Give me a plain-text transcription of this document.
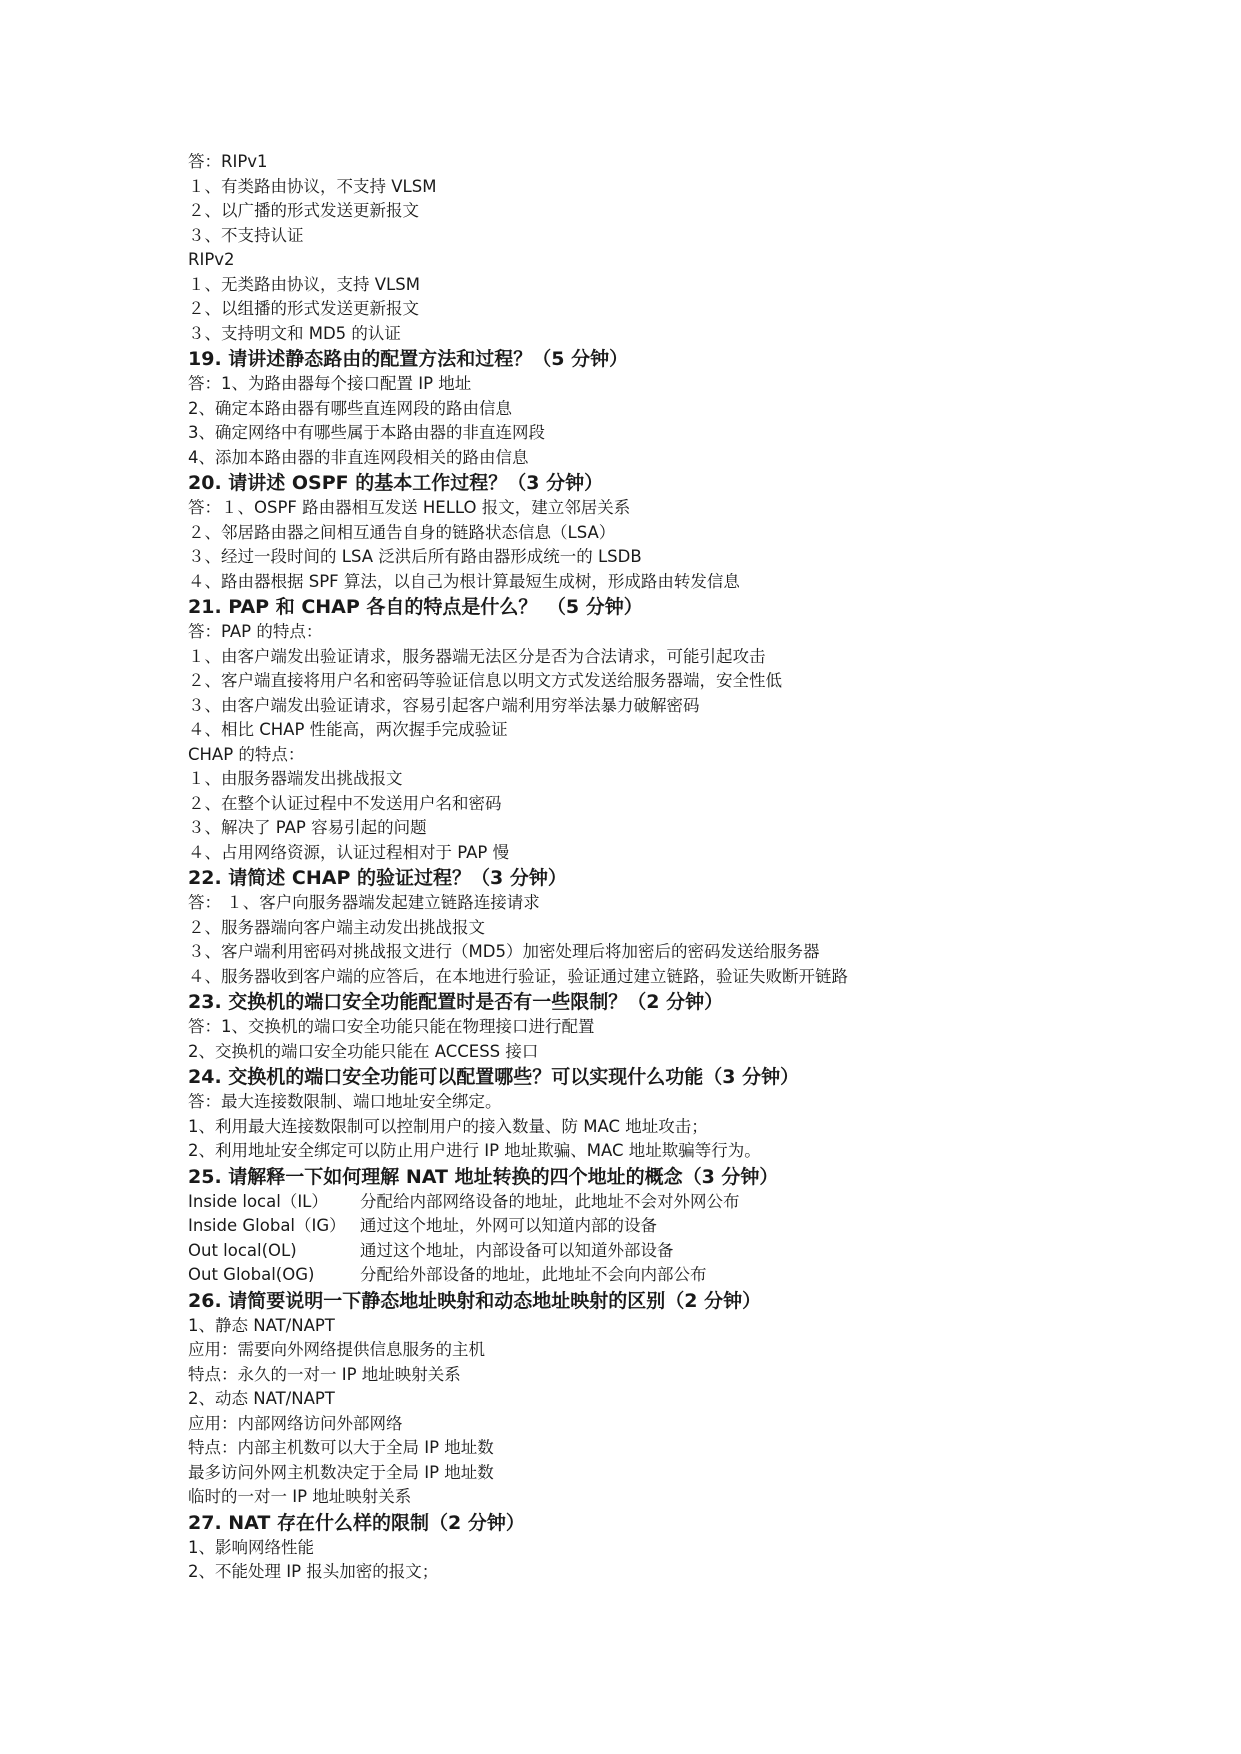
答：RIPv1
１、有类路由协议，不支持 VLSM
２、以广播的形式发送更新报文
３、不支持认证
RIPv2
１、无类路由协议，支持 VLSM
２、以组播的形式发送更新报文
３、支持明文和 MD5 的认证
19. 请讲述静态路由的配置方法和过程？（5 分钟）
答：1、为路由器每个接口配置 IP 地址
2、确定本路由器有哪些直连网段的路由信息
3、确定网络中有哪些属于本路由器的非直连网段
4、添加本路由器的非直连网段相关的路由信息
20. 请讲述 OSPF 的基本工作过程？（3 分钟）
答：１、OSPF 路由器相互发送 HELLO 报文，建立邻居关系
２、邻居路由器之间相互通告自身的链路状态信息（LSA）
３、经过一段时间的 LSA 泛洪后所有路由器形成统一的 LSDB
４、路由器根据 SPF 算法，以自己为根计算最短生成树，形成路由转发信息
21. PAP 和 CHAP 各自的特点是什么？　（5 分钟）
答：PAP 的特点：
１、由客户端发出验证请求，服务器端无法区分是否为合法请求，可能引起攻击
２、客户端直接将用户名和密码等验证信息以明文方式发送给服务器端，安全性低
３、由客户端发出验证请求，容易引起客户端利用穷举法暴力破解密码
４、相比 CHAP 性能高，两次握手完成验证
CHAP 的特点：
１、由服务器端发出挑战报文
２、在整个认证过程中不发送用户名和密码
３、解决了 PAP 容易引起的问题
４、占用网络资源，认证过程相对于 PAP 慢
22. 请简述 CHAP 的验证过程？（3 分钟）
答： １、客户向服务器端发起建立链路连接请求
２、服务器端向客户端主动发出挑战报文
３、客户端利用密码对挑战报文进行（MD5）加密处理后将加密后的密码发送给服务器
４、服务器收到客户端的应答后，在本地进行验证，验证通过建立链路，验证失败断开链路
23. 交换机的端口安全功能配置时是否有一些限制？（2 分钟）
答：1、交换机的端口安全功能只能在物理接口进行配置
2、交换机的端口安全功能只能在 ACCESS 接口
24. 交换机的端口安全功能可以配置哪些？可以实现什么功能（3 分钟）
答：最大连接数限制、端口地址安全绑定。
1、利用最大连接数限制可以控制用户的接入数量、防 MAC 地址攻击；
2、利用地址安全绑定可以防止用户进行 IP 地址欺骗、MAC 地址欺骗等行为。
25. 请解释一下如何理解 NAT 地址转换的四个地址的概念（3 分钟）
Inside local（IL）	分配给内部网络设备的地址，此地址不会对外网公布
Inside Global（IG） 通过这个地址，外网可以知道内部的设备
Out local(OL)	通过这个地址，内部设备可以知道外部设备
Out Global(OG)	分配给外部设备的地址，此地址不会向内部公布
26. 请简要说明一下静态地址映射和动态地址映射的区别（2 分钟）
1、静态 NAT/NAPT
应用：需要向外网络提供信息服务的主机
特点：永久的一对一 IP 地址映射关系
2、动态 NAT/NAPT
应用：内部网络访问外部网络
特点：内部主机数可以大于全局 IP 地址数
最多访问外网主机数决定于全局 IP 地址数
临时的一对一 IP 地址映射关系
27. NAT 存在什么样的限制（2 分钟）
1、影响网络性能
2、不能处理 IP 报头加密的报文；
